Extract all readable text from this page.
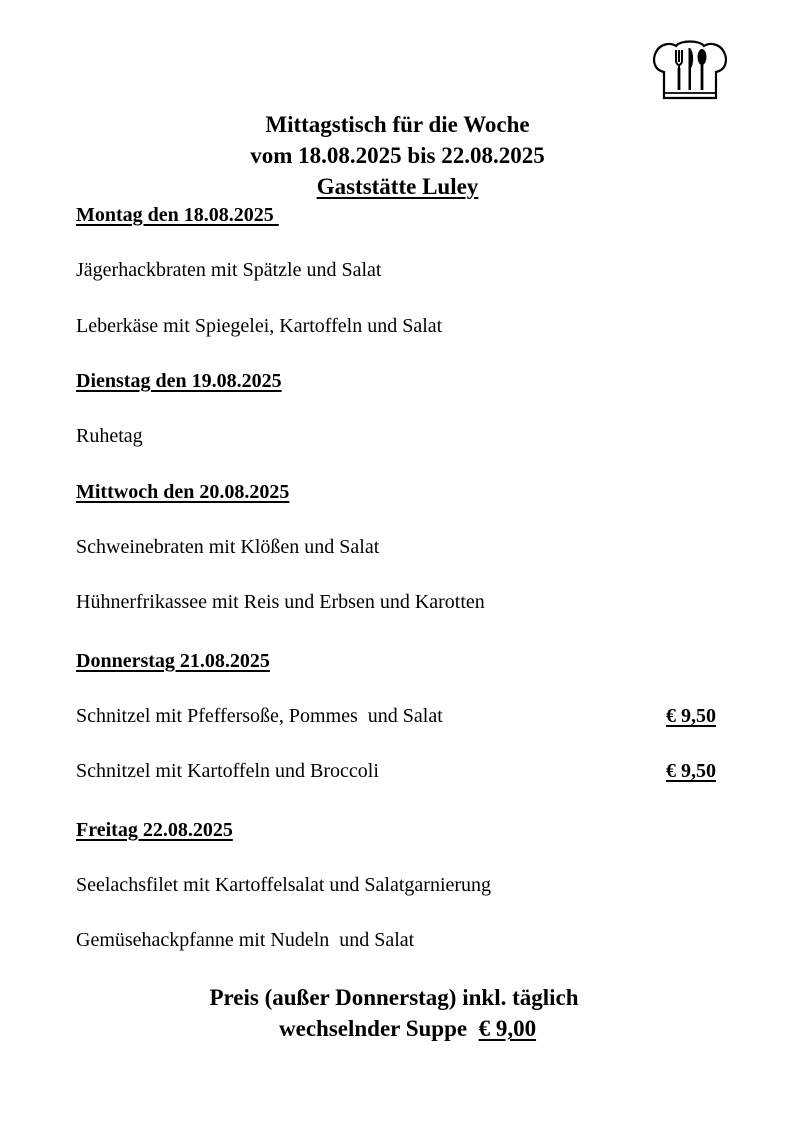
Mittagstisch für die Woche
vom 18.08.2025 bis 22.08.2025
Gaststätte Luley
Montag den 18.08.2025
Jägerhackbraten mit Spätzle und Salat
Leberkäse mit Spiegelei, Kartoffeln und Salat
Dienstag den 19.08.2025
Ruhetag
Mittwoch den 20.08.2025
Schweinebraten mit Klößen und Salat
Hühnerfrikassee mit Reis und Erbsen und Karotten
Donnerstag 21.08.2025
Schnitzel mit Pfeffersoße, Pommes  und Salat	€ 9,50
Schnitzel mit Kartoffeln und Broccoli	€ 9,50
Freitag 22.08.2025
Seelachsfilet mit Kartoffelsalat und Salatgarnierung
Gemüsehackpfanne mit Nudeln  und Salat
Preis (außer Donnerstag) inkl. täglich
wechselnder Suppe  € 9,00
